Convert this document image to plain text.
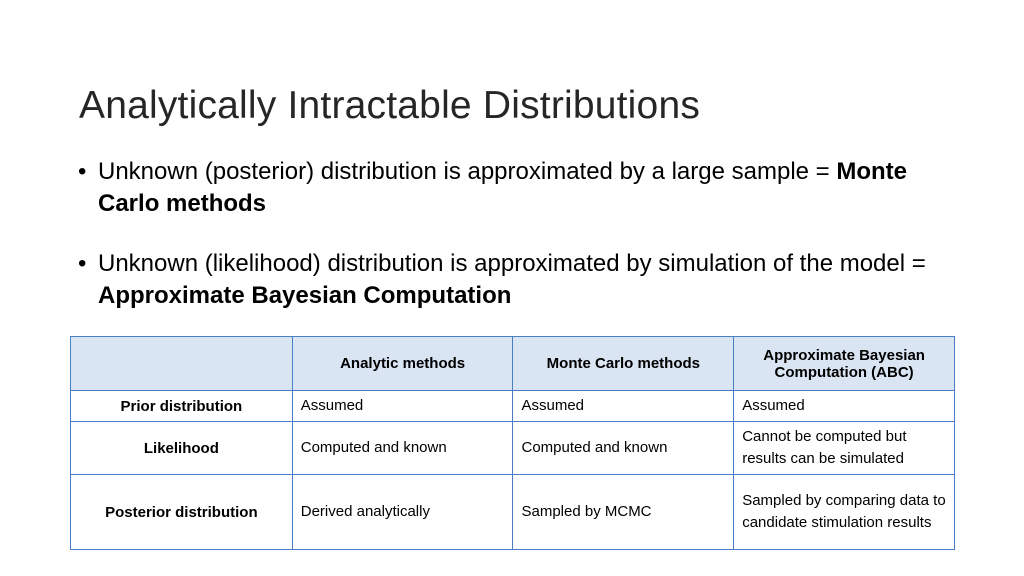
Analytically Intractable Distributions
• Unknown (posterior) distribution is approximated by a large sample = Monte Carlo methods
• Unknown (likelihood) distribution is approximated by simulation of the model = Approximate Bayesian Computation
	Analytic methods	Monte Carlo methods	Approximate Bayesian Computation (ABC)
Prior distribution	Assumed	Assumed	Assumed
Likelihood	Computed and known	Computed and known	Cannot be computed but results can be simulated
Posterior distribution	Derived analytically	Sampled by MCMC	Sampled by comparing data to candidate stimulation results
